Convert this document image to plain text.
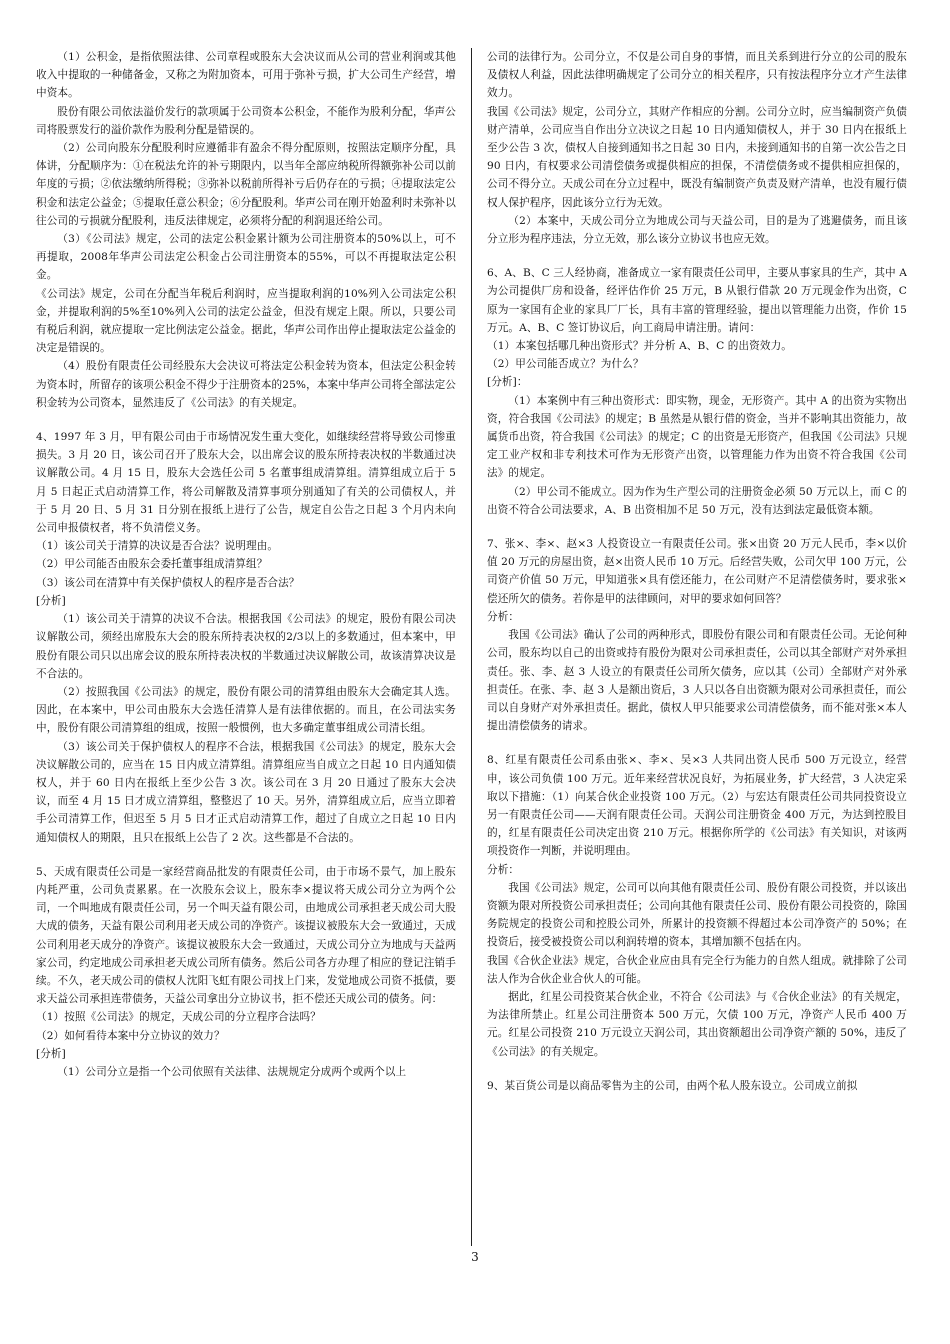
（1）公积金，是指依照法律、公司章程或股东大会决议而从公司的营业利润或其他收入中提取的一种储备金，又称之为附加资本，可用于弥补亏损，扩大公司生产经营，增中资本。

股份有限公司依法溢价发行的款项属于公司资本公积金，不能作为股利分配，华声公司将股票发行的溢价款作为股利分配是错误的。

（2）公司向股东分配股利时应遵循非有盈余不得分配原则，按照法定顺序分配，具体讲，分配顺序为：①在税法允许的补亏期限内，以当年全部应纳税所得额弥补公司以前年度的亏损；②依法缴纳所得税；③弥补以税前所得补亏后仍存在的亏损；④提取法定公积金和法定公益金；⑤提取任意公积金；⑥分配股利。华声公司在刚开始盈利时未弥补以往公司的亏损就分配股利，违反法律规定，必须将分配的利润退还给公司。

（3）《公司法》规定，公司的法定公积金累计额为公司注册资本的50%以上，可不再提取，2008年华声公司法定公积金占公司注册资本的55%，可以不再提取法定公积金。

《公司法》规定，公司在分配当年税后利润时，应当提取利润的10%列入公司法定公积金，并提取利润的5%至10%列入公司的法定公益金，但没有规定上限。所以，只要公司有税后利润，就应提取一定比例法定公益金。据此，华声公司作出停止提取法定公益金的决定是错误的。

（4）股份有限责任公司经股东大会决议可将法定公积金转为资本，但法定公积金转为资本时，所留存的该项公积金不得少于注册资本的25%，本案中华声公司将全部法定公积金转为公司资本，显然违反了《公司法》的有关规定。

4、1997 年 3 月，甲有限公司由于市场情况发生重大变化，如继续经营将导致公司惨重损失。3 月 20 日，该公司召开了股东大会，以出席会议的股东所持表决权的半数通过决议解散公司。4 月 15 日，股东大会选任公司 5 名董事组成清算组。清算组成立后于 5 月 5 日起正式启动清算工作，将公司解散及清算事项分别通知了有关的公司债权人，并于 5 月 20 日、5 月 31 日分别在报纸上进行了公告，规定自公告之日起 3 个月内未向公司申报债权者，将不负清偿义务。

（1）该公司关于清算的决议是否合法？说明理由。

（2）甲公司能否由股东会委托董事组成清算组？

（3）该公司在清算中有关保护债权人的程序是否合法？

[分析]

（1）该公司关于清算的决议不合法。根据我国《公司法》的规定，股份有限公司决议解散公司，须经出席股东大会的股东所持表决权的2/3以上的多数通过，但本案中，甲股份有限公司只以出席会议的股东所持表决权的半数通过决议解散公司，故该清算决议是不合法的。

（2）按照我国《公司法》的规定，股份有限公司的清算组由股东大会确定其人选。因此，在本案中，甲公司由股东大会选任清算人是有法律依据的。而且，在公司法实务中，股份有限公司清算组的组成，按照一般惯例，也大多确定董事组成公司清长组。

（3）该公司关于保护债权人的程序不合法，根据我国《公司法》的规定，股东大会决议解散公司的，应当在 15 日内成立清算组。清算组应当自成立之日起 10 日内通知债权人，并于 60 日内在报纸上至少公告 3 次。该公司在 3 月 20 日通过了股东大会决议，而至 4 月 15 日才成立清算组，整整迟了 10 天。另外，清算组成立后，应当立即着手公司清算工作，但迟至 5 月 5 日才正式启动清算工作，超过了自成立之日起 10 日内通知债权人的期限，且只在报纸上公告了 2 次。这些都是不合法的。

5、天成有限责任公司是一家经营商品批发的有限责任公司，由于市场不景气，加上股东内耗严重，公司负责累累。在一次股东会议上，股东李×提议将天成公司分立为两个公司，一个叫地成有限责任公司，另一个叫天益有限公司，由地成公司承担老天成公司大股大成的债务，天益有限公司利用老天成公司的净资产。该提议被股东大会一致通过，天成公司利用老天成分的净资产。该提议被股东大会一致通过，天成公司分立为地成与天益两家公司，约定地成公司承担老天成公司所有债务。然后公司各方办理了相应的登记注销手续。不久，老天成公司的债权人沈阳飞虹有限公司找上门来，发觉地成公司资不抵债，要求天益公司承担连带债务，天益公司拿出分立协议书，拒不偿还天成公司的债务。问：

（1）按照《公司法》的规定，天成公司的分立程序合法吗？

（2）如何看待本案中分立协议的效力？

[分析]

（1）公司分立是指一个公司依照有关法律、法规规定分成两个或两个以上

公司的法律行为。公司分立，不仅是公司自身的事情，而且关系到进行分立的公司的股东及债权人利益，因此法律明确规定了公司分立的相关程序，只有按法程序分立才产生法律效力。

我国《公司法》规定，公司分立，其财产作相应的分割。公司分立时，应当编制资产负债财产清单，公司应当自作出分立决议之日起 10 日内通知债权人，并于 30 日内在报纸上至少公告 3 次，债权人自接到通知书之日起 30 日内，未接到通知书的自第一次公告之日 90 日内，有权要求公司清偿债务或提供相应的担保，不清偿债务或不提供相应担保的，公司不得分立。天成公司在分立过程中，既没有编制资产负责及财产清单，也没有履行债权人保护程序，因此该分立行为无效。

（2）本案中，天成公司分立为地成公司与天益公司，目的是为了逃避债务，而且该分立形为程序违法，分立无效，那么该分立协议书也应无效。

6、A、B、C 三人经协商，准备成立一家有限责任公司甲，主要从事家具的生产，其中 A 为公司提供厂房和设备，经评估作价 25 万元，B 从银行借款 20 万元现金作为出资，C 原为一家国有企业的家具厂厂长，具有丰富的管理经验，提出以管理能力出资，作价 15 万元。A、B、C 签订协议后，向工商局申请注册。请问：

（1）本案包括哪几种出资形式？并分析 A、B、C 的出资效力。

（2）甲公司能否成立？为什么？

[分析]：

（1）本案例中有三种出资形式：即实物，现金，无形资产。其中 A 的出资为实物出资，符合我国《公司法》的规定；B 虽然是从银行借的资金，当并不影响其出资能力，故属货币出资，符合我国《公司法》的规定；C 的出资是无形资产，但我国《公司法》只规定工业产权和非专利技术可作为无形资产出资，以管理能力作为出资不符合我国《公司法》的规定。

（2）甲公司不能成立。因为作为生产型公司的注册资金必须 50 万元以上，而 C 的出资不符合公司法要求，A、B 出资相加不足 50 万元，没有达到法定最低资本额。

7、张×、李×、赵×3 人投资设立一有限责任公司。张×出资 20 万元人民币，李×以价值 20 万元的房屋出资，赵×出资人民币 10 万元。后经营失败，公司欠甲 100 万元，公司资产价值 50 万元，甲知道张×具有偿还能力，在公司财产不足清偿债务时，要求张×偿还所欠的债务。若你是甲的法律顾问，对甲的要求如何回答？

分析：

我国《公司法》确认了公司的两种形式，即股份有限公司和有限责任公司。无论何种公司，股东均以自己的出资或持有股份为限对公司承担责任，公司以其全部财产对外承担责任。张、李、赵 3 人设立的有限责任公司所欠债务，应以其（公司）全部财产对外承担责任。在张、李、赵 3 人是额出资后，3 人只以各自出资额为限对公司承担责任，而公司以自身财产对外承担责任。据此，债权人甲只能要求公司清偿债务，而不能对张×本人提出清偿债务的请求。

8、红星有限责任公司系由张×、李×、吴×3 人共同出资人民币 500 万元设立，经营申，该公司负债 100 万元。近年来经营状况良好，为拓展业务，扩大经营，3 人决定采取以下措施：（1）向某合伙企业投资 100 万元。（2）与宏达有限责任公司共同投资设立另一有限责任公司——天润有限责任公司。天润公司注册资金 400 万元，为达到控股目的，红星有限责任公司决定出资 210 万元。根据你所学的《公司法》有关知识，对该两项投资作一判断，并说明理由。

分析：

我国《公司法》规定，公司可以向其他有限责任公司、股份有限公司投资，并以该出资额为限对所投资公司承担责任；公司向其他有限责任公司、股份有限公司投资的，除国务院规定的投资公司和控股公司外，所累计的投资额不得超过本公司净资产的 50%；在投资后，接受被投资公司以利润转增的资本，其增加额不包括在内。

我国《合伙企业法》规定，合伙企业应由具有完全行为能力的自然人组成。就排除了公司法人作为合伙企业合伙人的可能。

据此，红星公司投资某合伙企业，不符合《公司法》与《合伙企业法》的有关规定，为法律所禁止。红星公司注册资本 500 万元，欠债 100 万元，净资产人民币 400 万元。红星公司投资 210 万元设立天润公司，其出资额超出公司净资产额的 50%，违反了《公司法》的有关规定。

9、某百货公司是以商品零售为主的公司，由两个私人股东设立。公司成立前拟

3
